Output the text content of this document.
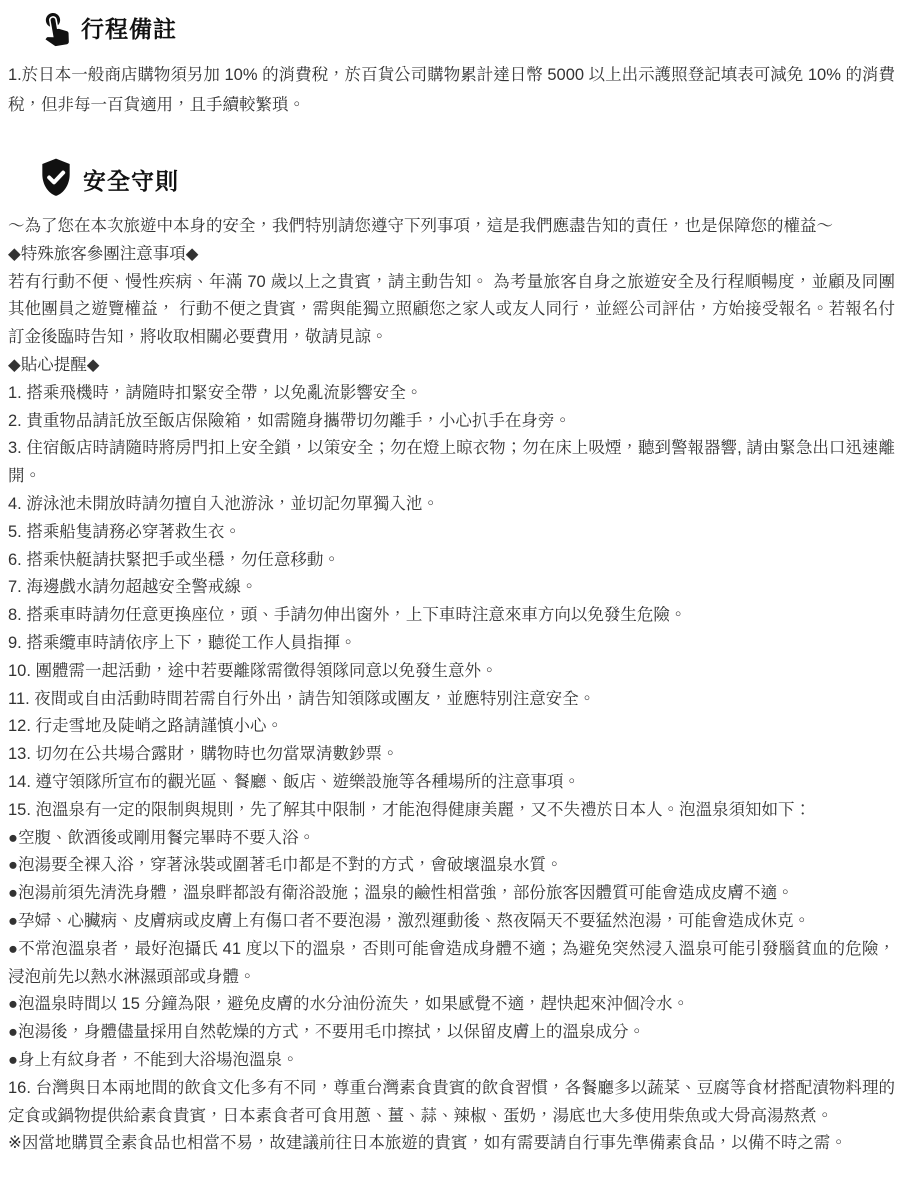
行程備註

1.於日本一般商店購物須另加 10% 的消費稅，於百貨公司購物累計達日幣 5000 以上出示護照登記填表可減免 10% 的消費稅，但非每一百貨適用，且手續較繁瑣。

安全守則

～為了您在本次旅遊中本身的安全，我們特別請您遵守下列事項，這是我們應盡告知的責任，也是保障您的權益～

◆特殊旅客參團注意事項◆

若有行動不便、慢性疾病、年滿 70 歲以上之貴賓，請主動告知。 為考量旅客自身之旅遊安全及行程順暢度，並顧及同團其他團員之遊覽權益， 行動不便之貴賓，需與能獨立照顧您之家人或友人同行，並經公司評估，方始接受報名。若報名付訂金後臨時告知，將收取相關必要費用，敬請見諒。

◆貼心提醒◆

1. 搭乘飛機時，請隨時扣緊安全帶，以免亂流影響安全。

2. 貴重物品請託放至飯店保險箱，如需隨身攜帶切勿離手，小心扒手在身旁。

3. 住宿飯店時請隨時將房門扣上安全鎖，以策安全；勿在燈上晾衣物；勿在床上吸煙，聽到警報器響, 請由緊急出口迅速離開。

4. 游泳池未開放時請勿擅自入池游泳，並切記勿單獨入池。

5. 搭乘船隻請務必穿著救生衣。

6. 搭乘快艇請扶緊把手或坐穩，勿任意移動。

7. 海邊戲水請勿超越安全警戒線。

8. 搭乘車時請勿任意更換座位，頭、手請勿伸出窗外，上下車時注意來車方向以免發生危險。

9. 搭乘纜車時請依序上下，聽從工作人員指揮。

10. 團體需一起活動，途中若要離隊需徵得領隊同意以免發生意外。

11. 夜間或自由活動時間若需自行外出，請告知領隊或團友，並應特別注意安全。

12. 行走雪地及陡峭之路請謹慎小心。

13. 切勿在公共場合露財，購物時也勿當眾清數鈔票。

14. 遵守領隊所宣布的觀光區、餐廳、飯店、遊樂設施等各種場所的注意事項。

15. 泡溫泉有一定的限制與規則，先了解其中限制，才能泡得健康美麗，又不失禮於日本人。泡溫泉須知如下：

●空腹、飲酒後或剛用餐完畢時不要入浴。

●泡湯要全裸入浴，穿著泳裝或圍著毛巾都是不對的方式，會破壞溫泉水質。

●泡湯前須先清洗身體，溫泉畔都設有衛浴設施；溫泉的鹼性相當強，部份旅客因體質可能會造成皮膚不適。

●孕婦、心臟病、皮膚病或皮膚上有傷口者不要泡湯，激烈運動後、熬夜隔天不要猛然泡湯，可能會造成休克。

●不常泡溫泉者，最好泡攝氏 41 度以下的溫泉，否則可能會造成身體不適；為避免突然浸入溫泉可能引發腦貧血的危險，浸泡前先以熱水淋濕頭部或身體。

●泡溫泉時間以 15 分鐘為限，避免皮膚的水分油份流失，如果感覺不適，趕快起來沖個冷水。

●泡湯後，身體儘量採用自然乾燥的方式，不要用毛巾擦拭，以保留皮膚上的溫泉成分。

●身上有紋身者，不能到大浴場泡溫泉。

16. 台灣與日本兩地間的飲食文化多有不同，尊重台灣素食貴賓的飲食習慣，各餐廳多以蔬菜、豆腐等食材搭配漬物料理的定食或鍋物提供給素食貴賓，日本素食者可食用蔥、薑、蒜、辣椒、蛋奶，湯底也大多使用柴魚或大骨高湯熬煮。

※因當地購買全素食品也相當不易，故建議前往日本旅遊的貴賓，如有需要請自行事先準備素食品，以備不時之需。
